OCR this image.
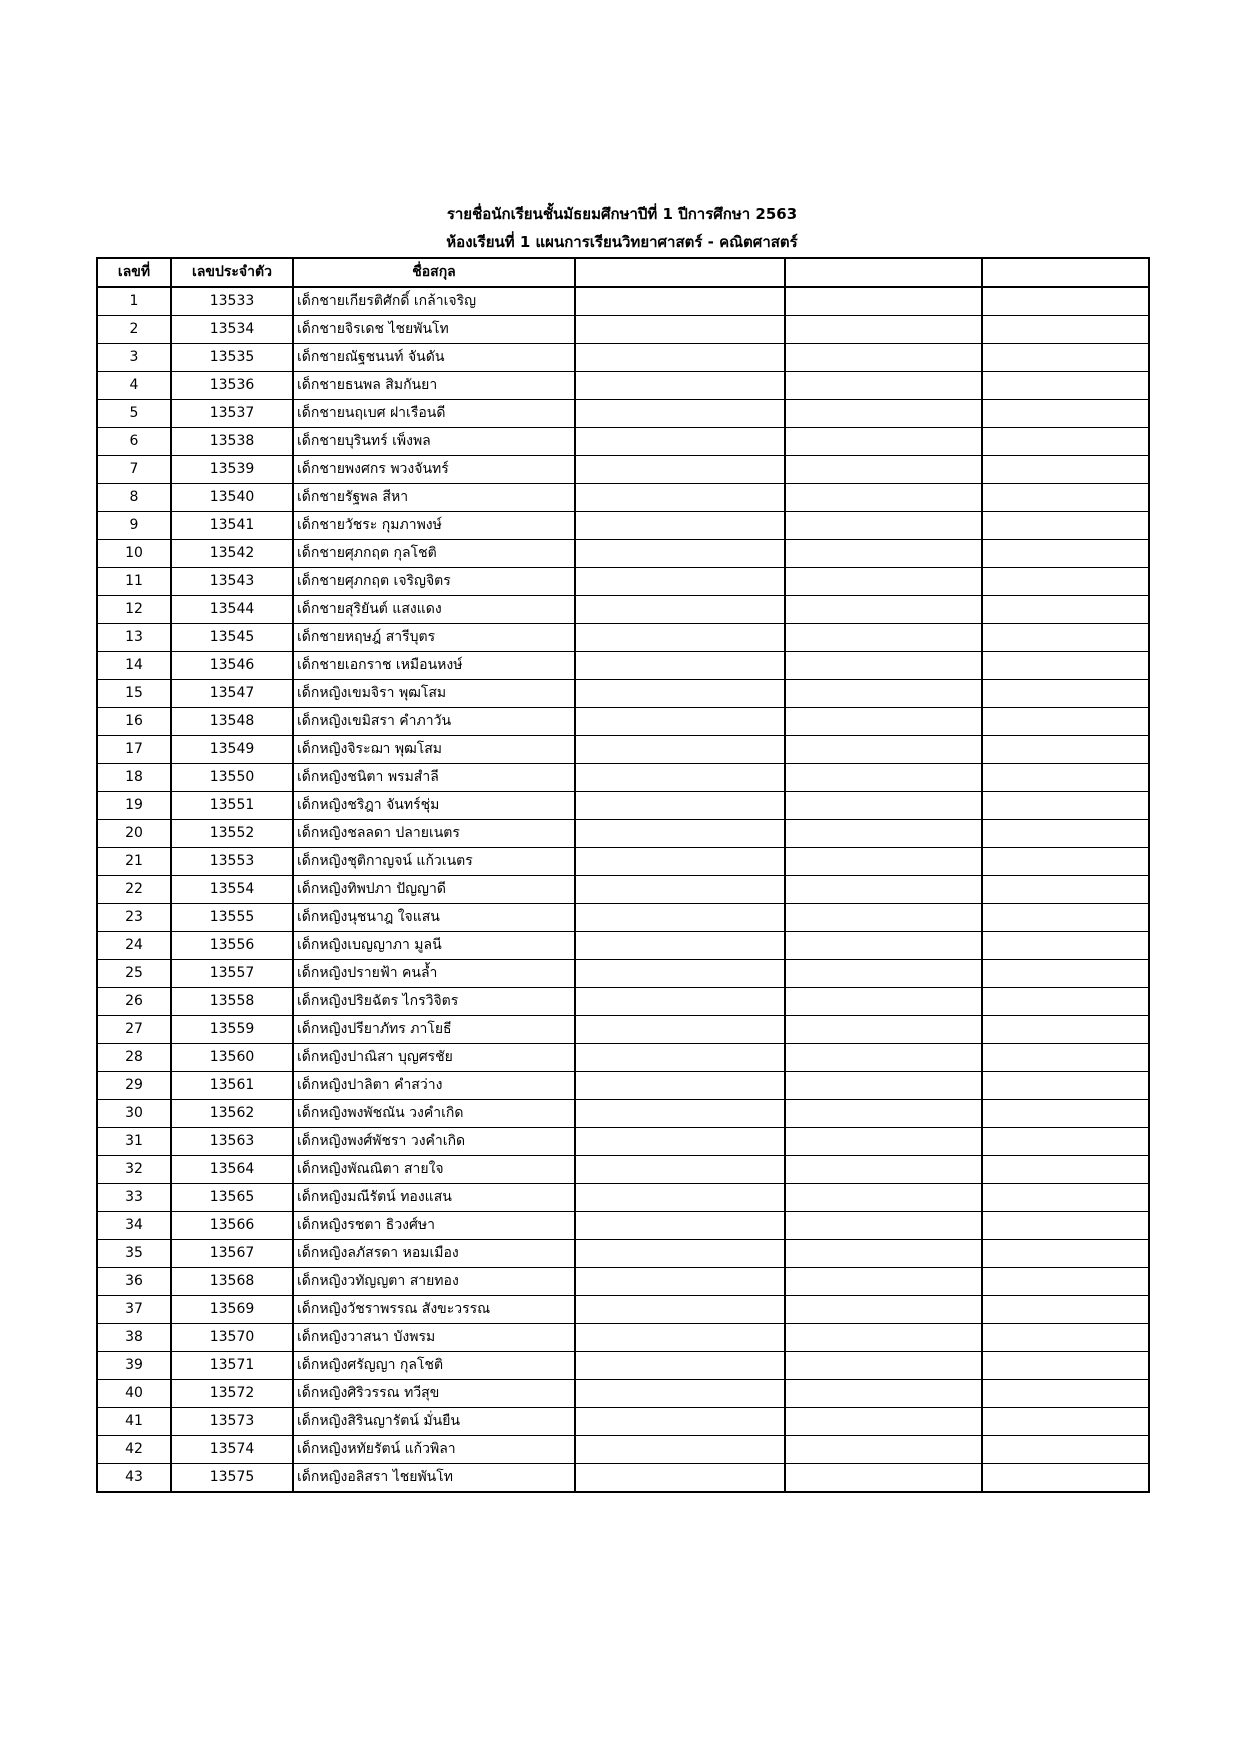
รายชื่อนักเรียนชั้นมัธยมศึกษาปีที่ 1 ปีการศึกษา 2563
ห้องเรียนที่ 1 แผนการเรียนวิทยาศาสตร์ - คณิตศาสตร์
เลขที่	เลขประจำตัว	ชื่อสกุล			
1	13533	เด็กชายเกียรติศักดิ์ เกล้าเจริญ			
2	13534	เด็กชายจิรเดช ไชยพันโท			
3	13535	เด็กชายณัฐชนนท์ จันดัน			
4	13536	เด็กชายธนพล สิมกันยา			
5	13537	เด็กชายนฤเบศ ฝาเรือนดี			
6	13538	เด็กชายบุรินทร์ เพ็งพล			
7	13539	เด็กชายพงศกร พวงจันทร์			
8	13540	เด็กชายรัฐพล สีหา			
9	13541	เด็กชายวัชระ กุมภาพงษ์			
10	13542	เด็กชายศุภกฤต กุลโชติ			
11	13543	เด็กชายศุภกฤต เจริญจิตร			
12	13544	เด็กชายสุริยันต์ แสงแดง			
13	13545	เด็กชายหฤษฎ์ สารีบุตร			
14	13546	เด็กชายเอกราช เหมือนหงษ์			
15	13547	เด็กหญิงเขมจิรา พุฒโสม			
16	13548	เด็กหญิงเขมิสรา คำภาวัน			
17	13549	เด็กหญิงจิระฌา พุฒโสม			
18	13550	เด็กหญิงชนิตา พรมสำลี			
19	13551	เด็กหญิงชริฎา จันทร์ชุ่ม			
20	13552	เด็กหญิงชลลดา ปลายเนตร			
21	13553	เด็กหญิงชุติกาญจน์ แก้วเนตร			
22	13554	เด็กหญิงทิพปภา ปัญญาดี			
23	13555	เด็กหญิงนุชนาฎ ใจแสน			
24	13556	เด็กหญิงเบญญาภา มูลนี			
25	13557	เด็กหญิงปรายฟ้า คนล้ำ			
26	13558	เด็กหญิงปริยฉัตร ไกรวิจิตร			
27	13559	เด็กหญิงปรียาภัทร ภาโยธี			
28	13560	เด็กหญิงปาณิสา บุญศรชัย			
29	13561	เด็กหญิงปาลิตา คำสว่าง			
30	13562	เด็กหญิงพงพัชณัน วงคำเกิด			
31	13563	เด็กหญิงพงศ์พัชรา วงคำเกิด			
32	13564	เด็กหญิงพัณณิตา สายใจ			
33	13565	เด็กหญิงมณีรัตน์ ทองแสน			
34	13566	เด็กหญิงรชตา ธิวงศ์ษา			
35	13567	เด็กหญิงลภัสรดา หอมเมือง			
36	13568	เด็กหญิงวทัญญตา สายทอง			
37	13569	เด็กหญิงวัชราพรรณ สังขะวรรณ			
38	13570	เด็กหญิงวาสนา บังพรม			
39	13571	เด็กหญิงศรัญญา กุลโชติ			
40	13572	เด็กหญิงศิริวรรณ ทวีสุข			
41	13573	เด็กหญิงสิรินญารัตน์ มั่นยืน			
42	13574	เด็กหญิงหทัยรัตน์ แก้วพิลา			
43	13575	เด็กหญิงอลิสรา ไชยพันโท			
